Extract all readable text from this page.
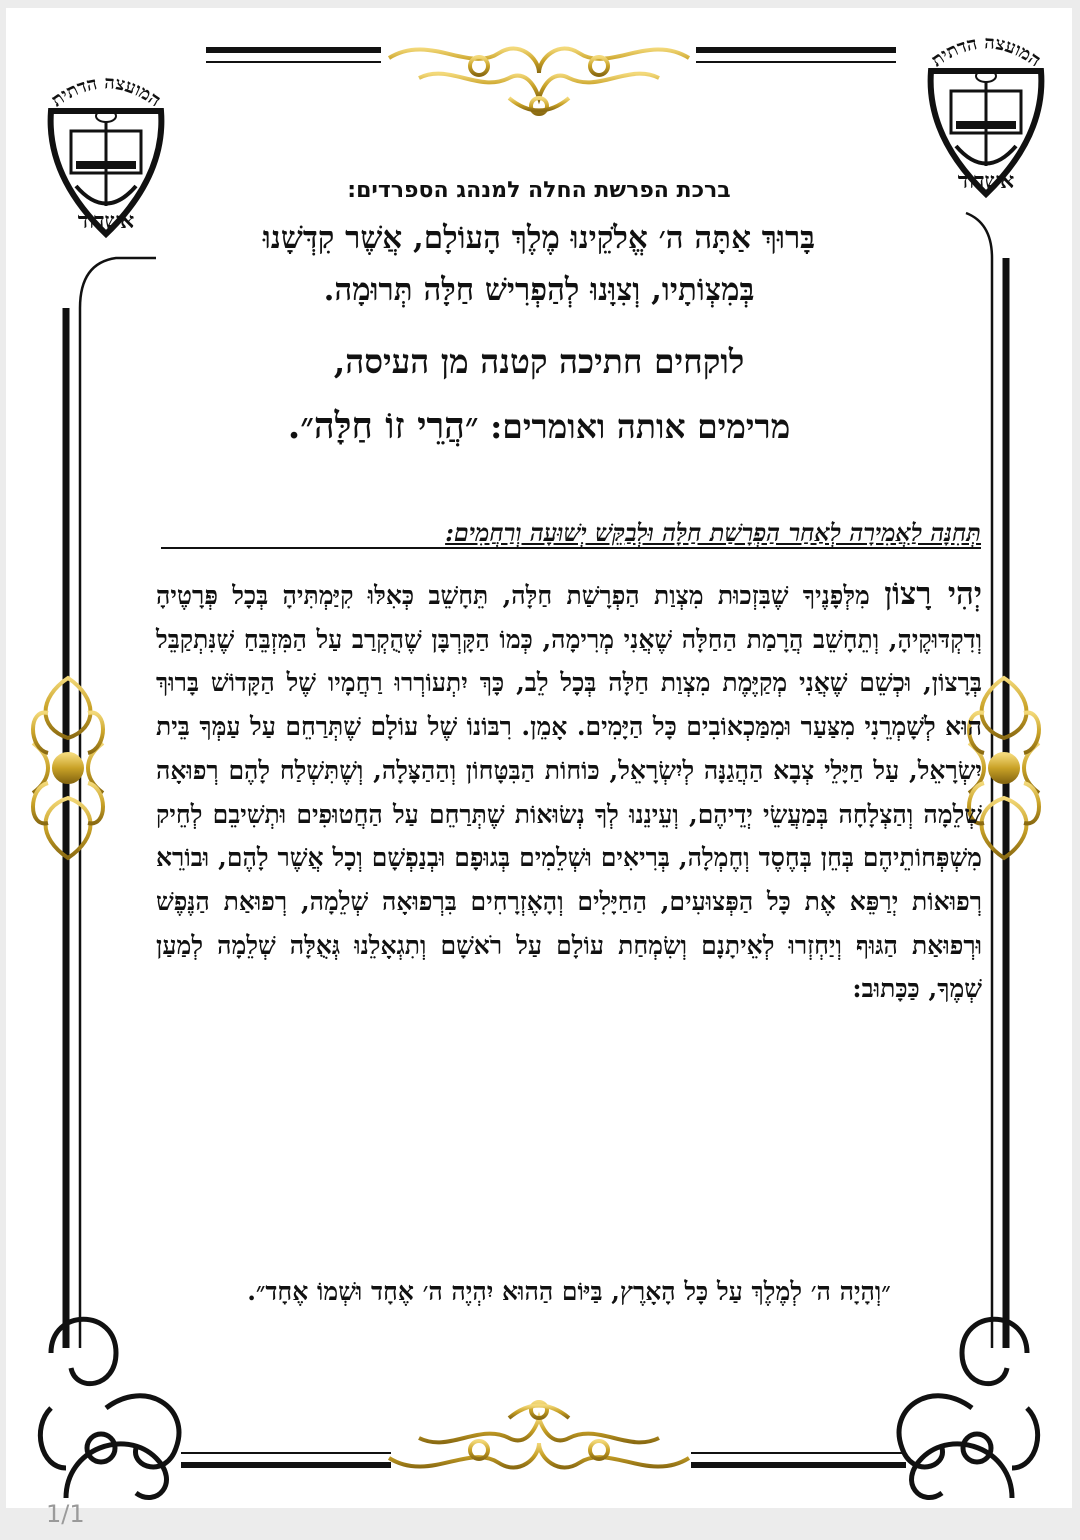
המועצה הדתית
אשדוד
המועצה הדתית
אשדוד

ברכת הפרשת החלה למנהג הספרדים:

בָּרוּךְ אַתָּה ה׳ אֱלֹקֵינוּ מֶלֶךְ הָעוֹלָם, אֲשֶׁר קִדְּשָׁנוּ
בְּמִצְוֹתָיו, וְצִוָּנוּ לְהַפְרִישׁ חַלָּה תְּרוּמָה.
לוקחים חתיכה קטנה מן העיסה,
מרימים אותה ואומרים: ״הֲרֵי זוֹ חַלָּה״.

תְּחִנָּה לַאֲמִירָה לְאַחַר הַפְרָשַׁת חַלָּה וּלְבַקֵּשׁ יְשׁוּעָה וְרַחֲמִים:

יְהִי רָצוֹן מִלְּפָנֶיךָ שֶׁבִּזְכוּת מִצְוַת הַפְרָשַׁת חַלָּה, תֵּחָשֵׁב כְּאִלּוּ קִיַּמְתִּיהָ בְּכָל פְּרָטֶיהָ וְדִקְדּוּקֶיהָ, וְתֵחָשֵׁב הֲרָמַת הַחַלָּה שֶׁאֲנִי מְרִימָה, כְּמוֹ הַקָּרְבָּן שֶׁהֻקְרַב עַל הַמִּזְבֵּחַ שֶׁנִּתְקַבֵּל בְּרָצוֹן, וּכְשֵׁם שֶׁאֲנִי מְקַיֶּמֶת מִצְוַת חַלָּה בְּכָל לֵב, כָּךְ יִתְעוֹרְרוּ רַחֲמָיו שֶׁל הַקָּדוֹשׁ בָּרוּךְ הוּא לְשָׁמְרֵנִי מִצַּעַר וּמִמַּכְאוֹבִים כָּל הַיָּמִים. אָמֵן. רִבּוֹנוֹ שֶׁל עוֹלָם שֶׁתְּרַחֵם עַל עַמְּךָ בֵּית יִשְׂרָאֵל, עַל חַיָּלֵי צְבָא הַהֲגַנָּה לְיִשְׂרָאֵל, כּוֹחוֹת הַבִּטָּחוֹן וְהַהַצָּלָה, וְשֶׁתִּשְׁלַח לָהֶם רְפוּאָה שְׁלֵמָה וְהַצְלָחָה בְּמַעֲשֵׂי יְדֵיהֶם, וְעֵינֵנוּ לְךָ נְשׂוּאוֹת שֶׁתְּרַחֵם עַל הַחֲטוּפִים וּתְשִׁיבֵם לְחֵיק מִשְׁפְּחוֹתֵיהֶם בְּחֵן בְּחֶסֶד וְחֶמְלָה, בְּרִיאִים וּשְׁלֵמִים בְּגוּפָם וּבְנַפְשָׁם וְכָל אֲשֶׁר לָהֶם, וּבוֹרֵא רְפוּאוֹת יְרַפֵּא אֶת כָּל הַפְּצוּעִים, הַחַיָּלִים וְהָאֶזְרָחִים בִּרְפוּאָה שְׁלֵמָה, רְפוּאַת הַנֶּפֶשׁ וּרְפוּאַת הַגּוּף וְיַחְזְרוּ לְאֵיתָנָם וְשִׂמְחַת עוֹלָם עַל רֹאשָׁם וְתִגְאָלֵנוּ גְּאֻלָּה שְׁלֵמָה לְמַעַן שְׁמֶךָ, כַּכָּתוּב:

״וְהָיָה ה׳ לְמֶלֶךְ עַל כָּל הָאָרֶץ, בַּיּוֹם הַהוּא יִהְיֶה ה׳ אֶחָד וּשְׁמוֹ אֶחָד״.

1/1
